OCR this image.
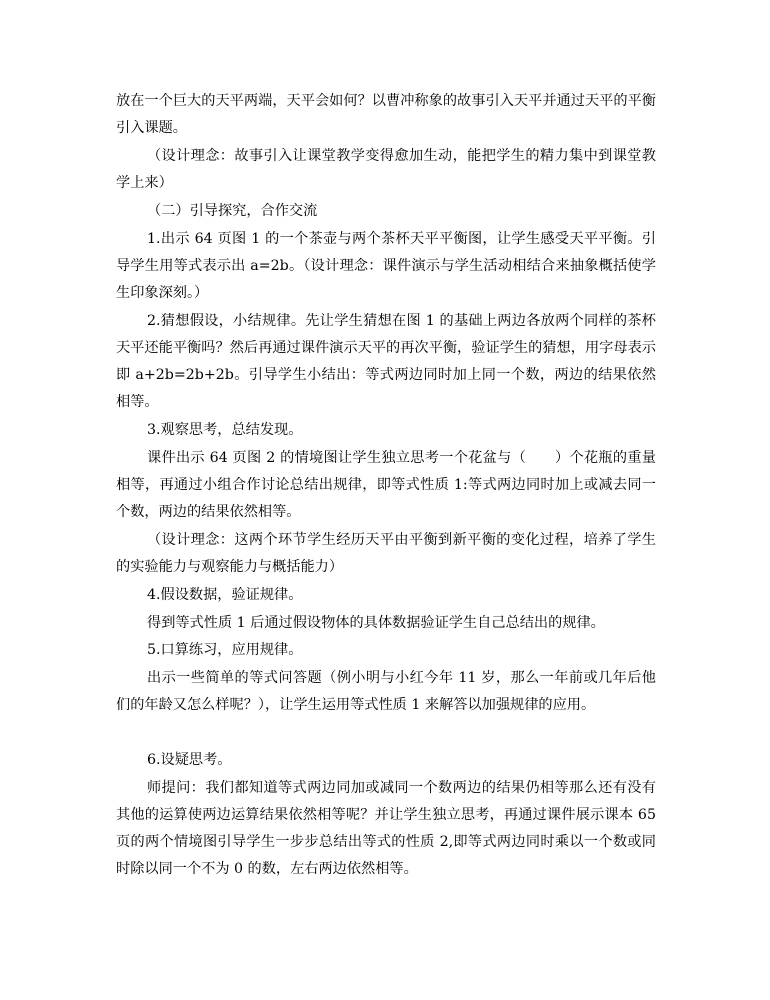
放在一个巨大的天平两端，天平会如何？以曹冲称象的故事引入天平并通过天平的平衡引入课题。

（设计理念：故事引入让课堂教学变得愈加生动，能把学生的精力集中到课堂教学上来）

（二）引导探究，合作交流

1.出示 64 页图 1 的一个茶壶与两个茶杯天平平衡图，让学生感受天平平衡。引导学生用等式表示出 a=2b。（设计理念：课件演示与学生活动相结合来抽象概括使学生印象深刻。）

2.猜想假设，小结规律。先让学生猜想在图 1 的基础上两边各放两个同样的茶杯天平还能平衡吗？然后再通过课件演示天平的再次平衡，验证学生的猜想，用字母表示即 a+2b=2b+2b。引导学生小结出：等式两边同时加上同一个数，两边的结果依然相等。

3.观察思考，总结发现。

课件出示 64 页图 2 的情境图让学生独立思考一个花盆与（　　）个花瓶的重量相等，再通过小组合作讨论总结出规律，即等式性质 1:等式两边同时加上或减去同一个数，两边的结果依然相等。

（设计理念：这两个环节学生经历天平由平衡到新平衡的变化过程，培养了学生的实验能力与观察能力与概括能力）

4.假设数据，验证规律。

得到等式性质 1 后通过假设物体的具体数据验证学生自己总结出的规律。

5.口算练习，应用规律。

出示一些简单的等式问答题（例小明与小红今年 11 岁，那么一年前或几年后他们的年龄又怎么样呢？），让学生运用等式性质 1 来解答以加强规律的应用。

6.设疑思考。

师提问：我们都知道等式两边同加或减同一个数两边的结果仍相等那么还有没有其他的运算使两边运算结果依然相等呢？并让学生独立思考，再通过课件展示课本 65 页的两个情境图引导学生一步步总结出等式的性质 2,即等式两边同时乘以一个数或同时除以同一个不为 0 的数，左右两边依然相等。
